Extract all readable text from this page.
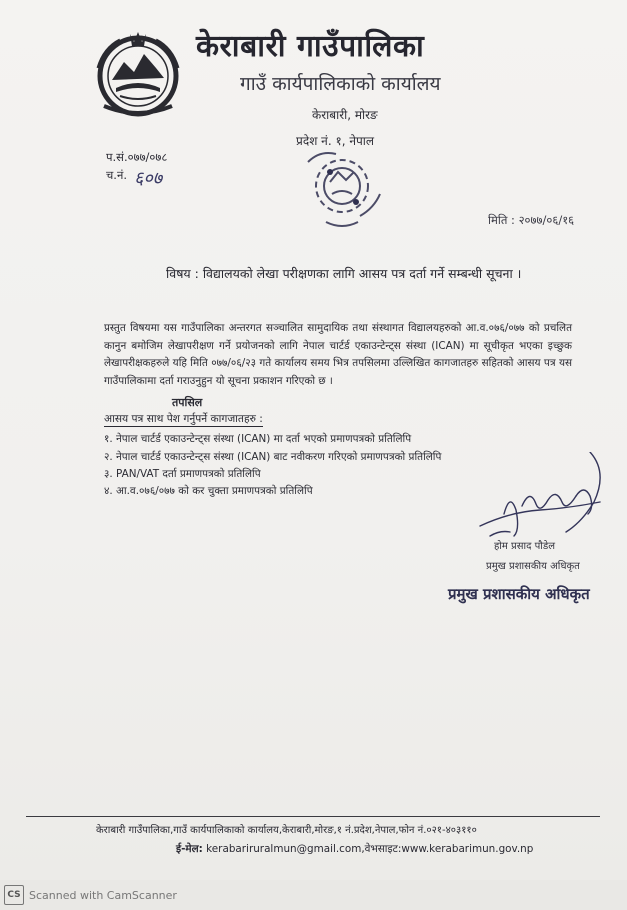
केराबारी गाउँपालिका
गाउँ कार्यपालिकाको कार्यालय
केराबारी, मोरङ
प्रदेश नं. १, नेपाल
प.सं.०७७/०७८
च.नं. ६०७
मिति : २०७७/०६/१६
विषय : विद्यालयको लेखा परीक्षणका लागि आसय पत्र दर्ता गर्ने सम्बन्धी सूचना ।
प्रस्तुत विषयमा यस गाउँपालिका अन्तरगत सञ्चालित सामुदायिक तथा संस्थागत विद्यालयहरुको आ.व.०७६/०७७ को प्रचलित कानुन बमोजिम लेखापरीक्षण गर्ने प्रयोजनको लागि नेपाल चार्टर्ड एकाउन्टेन्ट्स संस्था (ICAN) मा सूचीकृत भएका इच्छुक लेखापरीक्षकहरुले यहि मिति ०७७/०६/२३ गते कार्यालय समय भित्र तपसिलमा उल्लिखित कागजातहरु सहितको आसय पत्र यस गाउँपालिकामा दर्ता गराउनुहुन यो सूचना प्रकाशन गरिएको छ ।
तपसिल
आसय पत्र साथ पेश गर्नुपर्ने कागजातहरु :
१. नेपाल चार्टर्ड एकाउन्टेन्ट्स संस्था (ICAN) मा दर्ता भएको प्रमाणपत्रको प्रतिलिपि
२. नेपाल चार्टर्ड एकाउन्टेन्ट्स संस्था (ICAN) बाट नवीकरण गरिएको प्रमाणपत्रको प्रतिलिपि
३. PAN/VAT दर्ता प्रमाणपत्रको प्रतिलिपि
४. आ.व.०७६/०७७ को कर चुक्ता प्रमाणपत्रको प्रतिलिपि
होम प्रसाद पौडेल
प्रमुख प्रशासकीय अधिकृत
प्रमुख प्रशासकीय अधिकृत
केराबारी गाउँपालिका,गाउँ कार्यपालिकाको कार्यालय,केराबारी,मोरङ,१ नं.प्रदेश,नेपाल,फोन नं.०२१-४०३११०
ई-मेल: kerabariruralmun@gmail.com,वेभसाइट:www.kerabarimun.gov.np
CS Scanned with CamScanner
